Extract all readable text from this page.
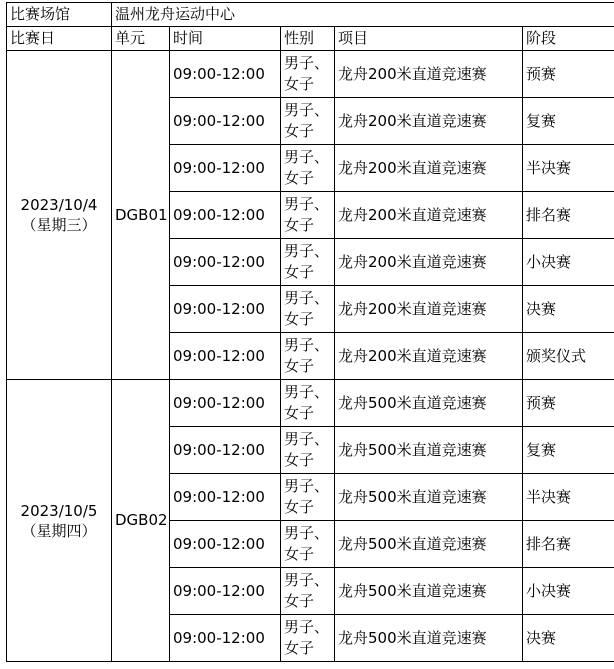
比赛场馆	温州龙舟运动中心				
比赛日	单元	时间	性别	项目	阶段

2023/10/4
（星期三）	DGB01	09:00-12:00	男子、女子	龙舟200米直道竞速赛	预赛
		09:00-12:00	男子、女子	龙舟200米直道竞速赛	复赛
		09:00-12:00	男子、女子	龙舟200米直道竞速赛	半决赛
		09:00-12:00	男子、女子	龙舟200米直道竞速赛	排名赛
		09:00-12:00	男子、女子	龙舟200米直道竞速赛	小决赛
		09:00-12:00	男子、女子	龙舟200米直道竞速赛	决赛
		09:00-12:00	男子、女子	龙舟200米直道竞速赛	颁奖仪式

2023/10/5
（星期四）	DGB02	09:00-12:00	男子、女子	龙舟500米直道竞速赛	预赛
		09:00-12:00	男子、女子	龙舟500米直道竞速赛	复赛
		09:00-12:00	男子、女子	龙舟500米直道竞速赛	半决赛
		09:00-12:00	男子、女子	龙舟500米直道竞速赛	排名赛
		09:00-12:00	男子、女子	龙舟500米直道竞速赛	小决赛
		09:00-12:00	男子、女子	龙舟500米直道竞速赛	决赛
